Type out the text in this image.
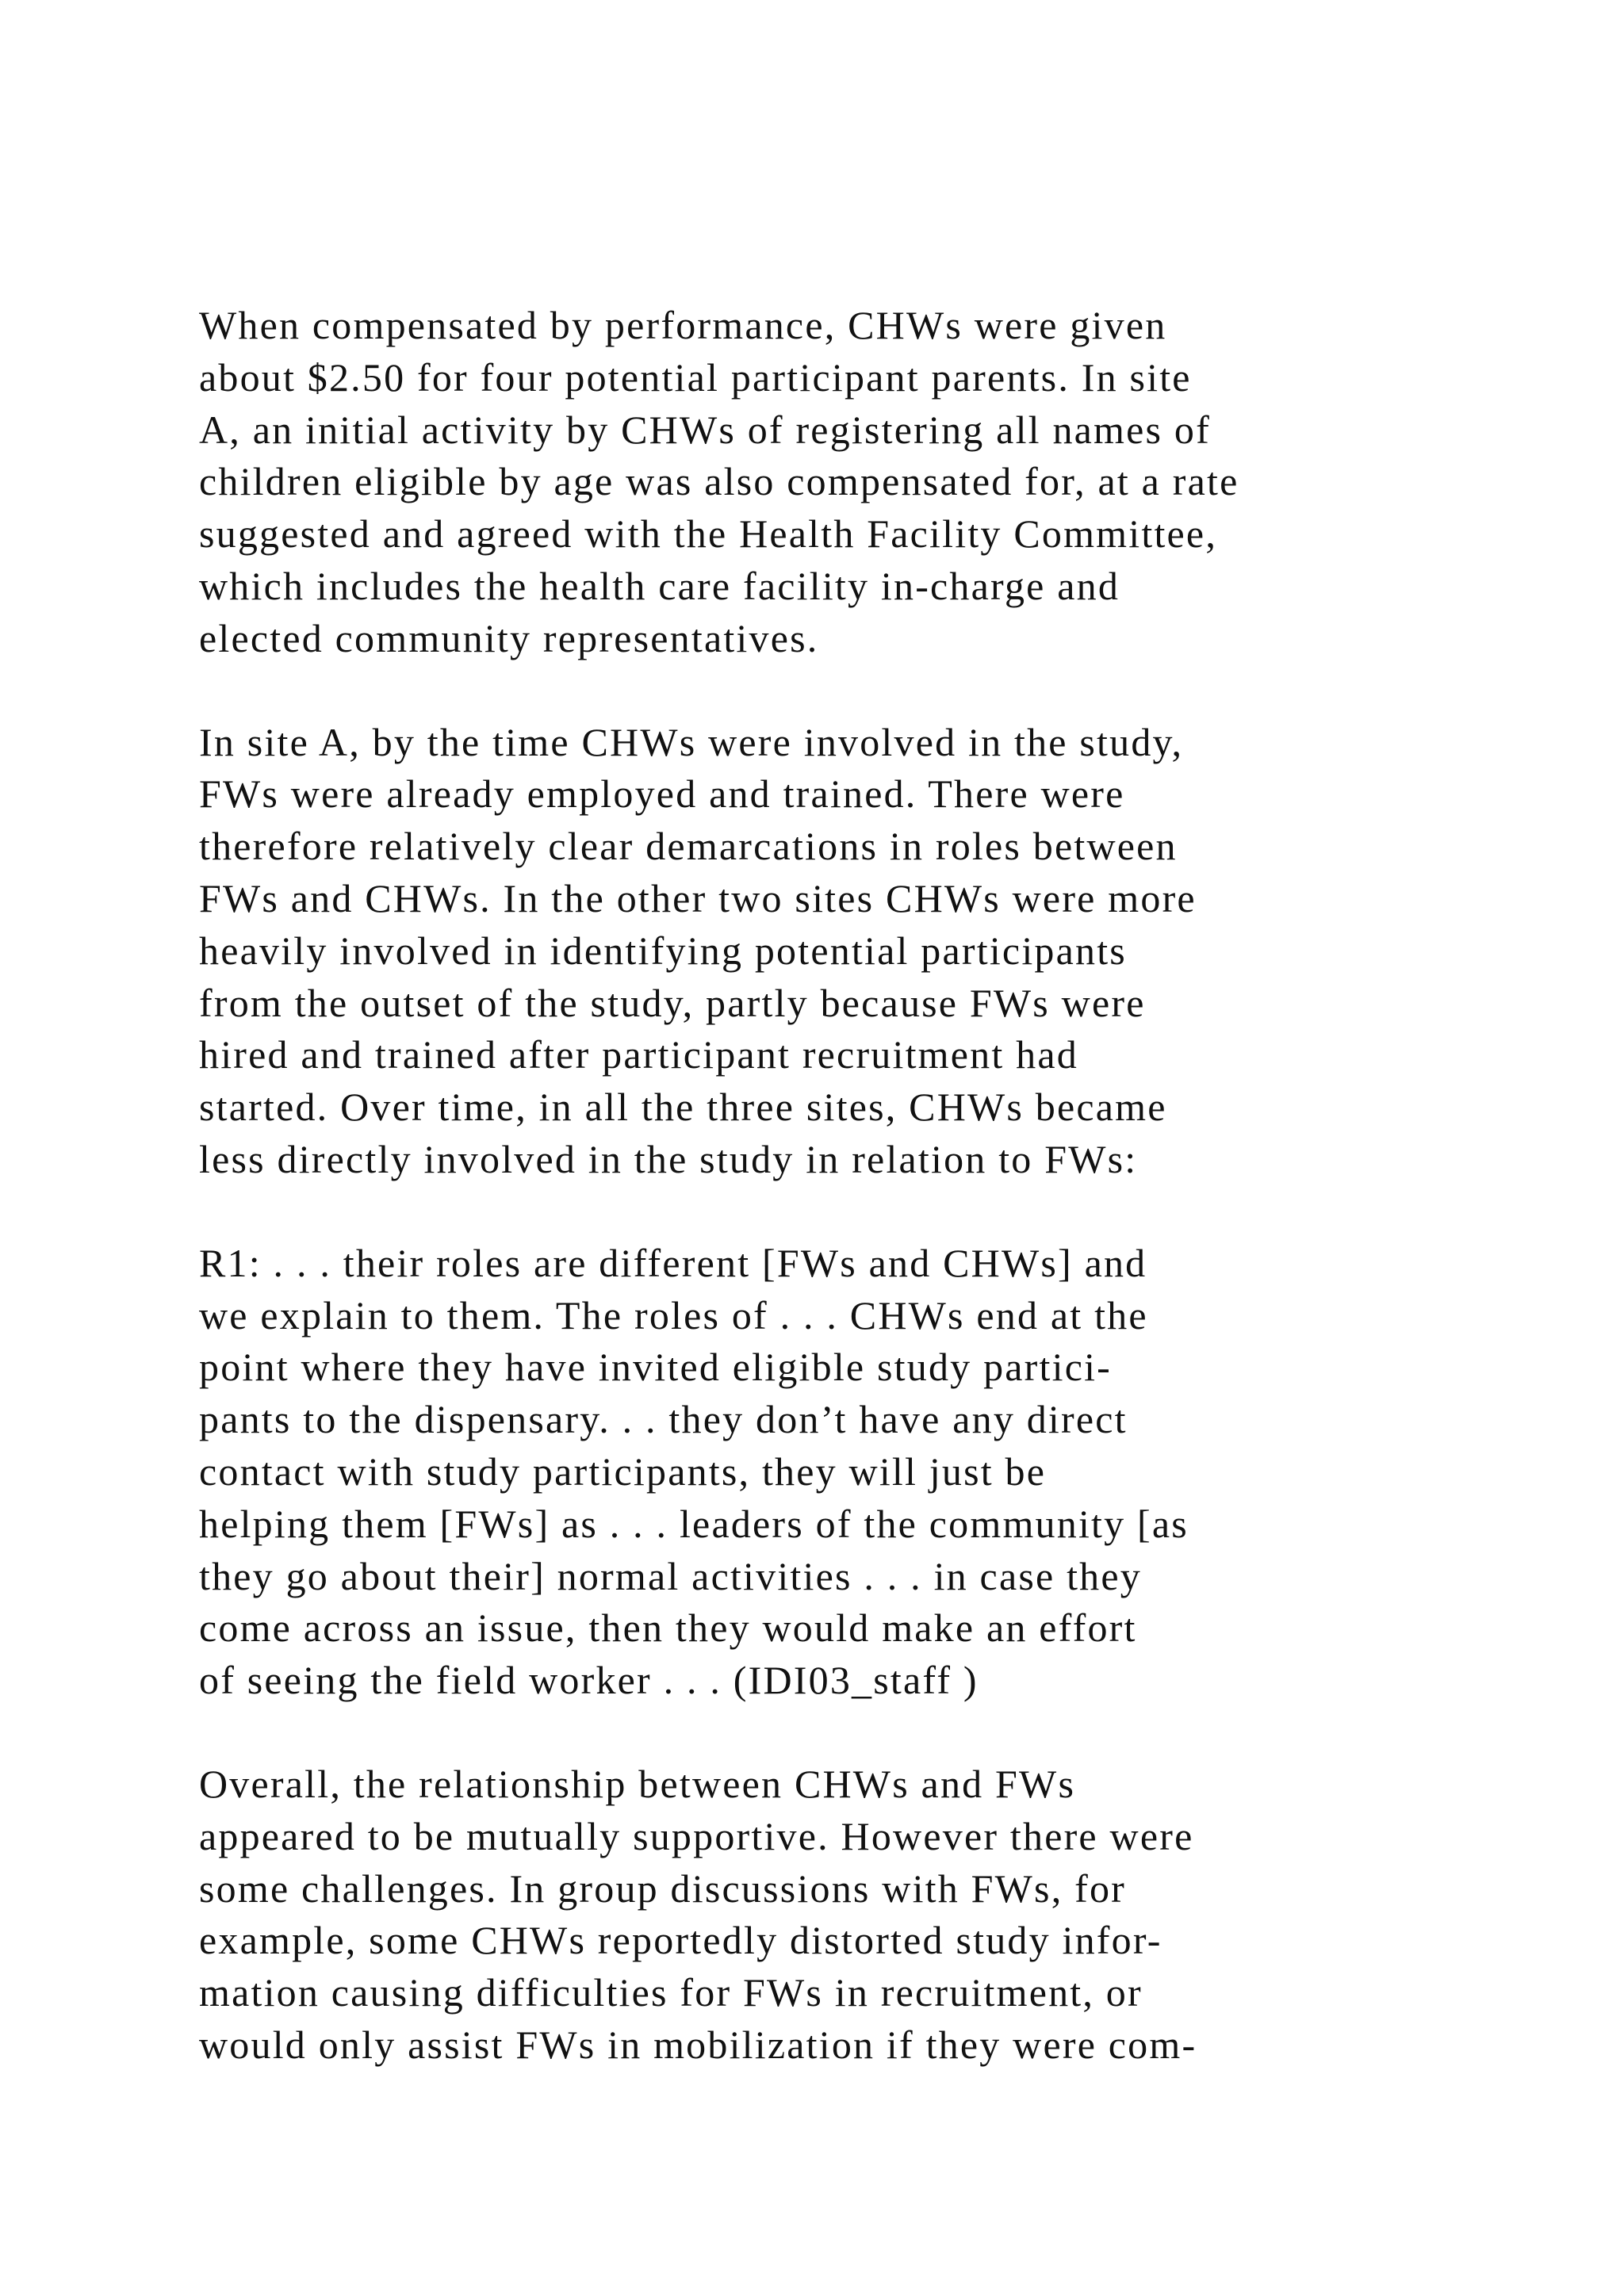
When compensated by performance, CHWs were given
about $2.50 for four potential participant parents. In site
A, an initial activity by CHWs of registering all names of
children eligible by age was also compensated for, at a rate
suggested and agreed with the Health Facility Committee,
which includes the health care facility in-charge and
elected community representatives.
In site A, by the time CHWs were involved in the study,
FWs were already employed and trained. There were
therefore relatively clear demarcations in roles between
FWs and CHWs. In the other two sites CHWs were more
heavily involved in identifying potential participants
from the outset of the study, partly because FWs were
hired and trained after participant recruitment had
started. Over time, in all the three sites, CHWs became
less directly involved in the study in relation to FWs:
R1: . . . their roles are different [FWs and CHWs] and
we explain to them. The roles of . . . CHWs end at the
point where they have invited eligible study partici-
pants to the dispensary. . . they don’t have any direct
contact with study participants, they will just be
helping them [FWs] as . . . leaders of the community [as
they go about their] normal activities . . . in case they
come across an issue, then they would make an effort
of seeing the field worker . . . (IDI03_staff )
Overall, the relationship between CHWs and FWs
appeared to be mutually supportive. However there were
some challenges. In group discussions with FWs, for
example, some CHWs reportedly distorted study infor-
mation causing difficulties for FWs in recruitment, or
would only assist FWs in mobilization if they were com-
